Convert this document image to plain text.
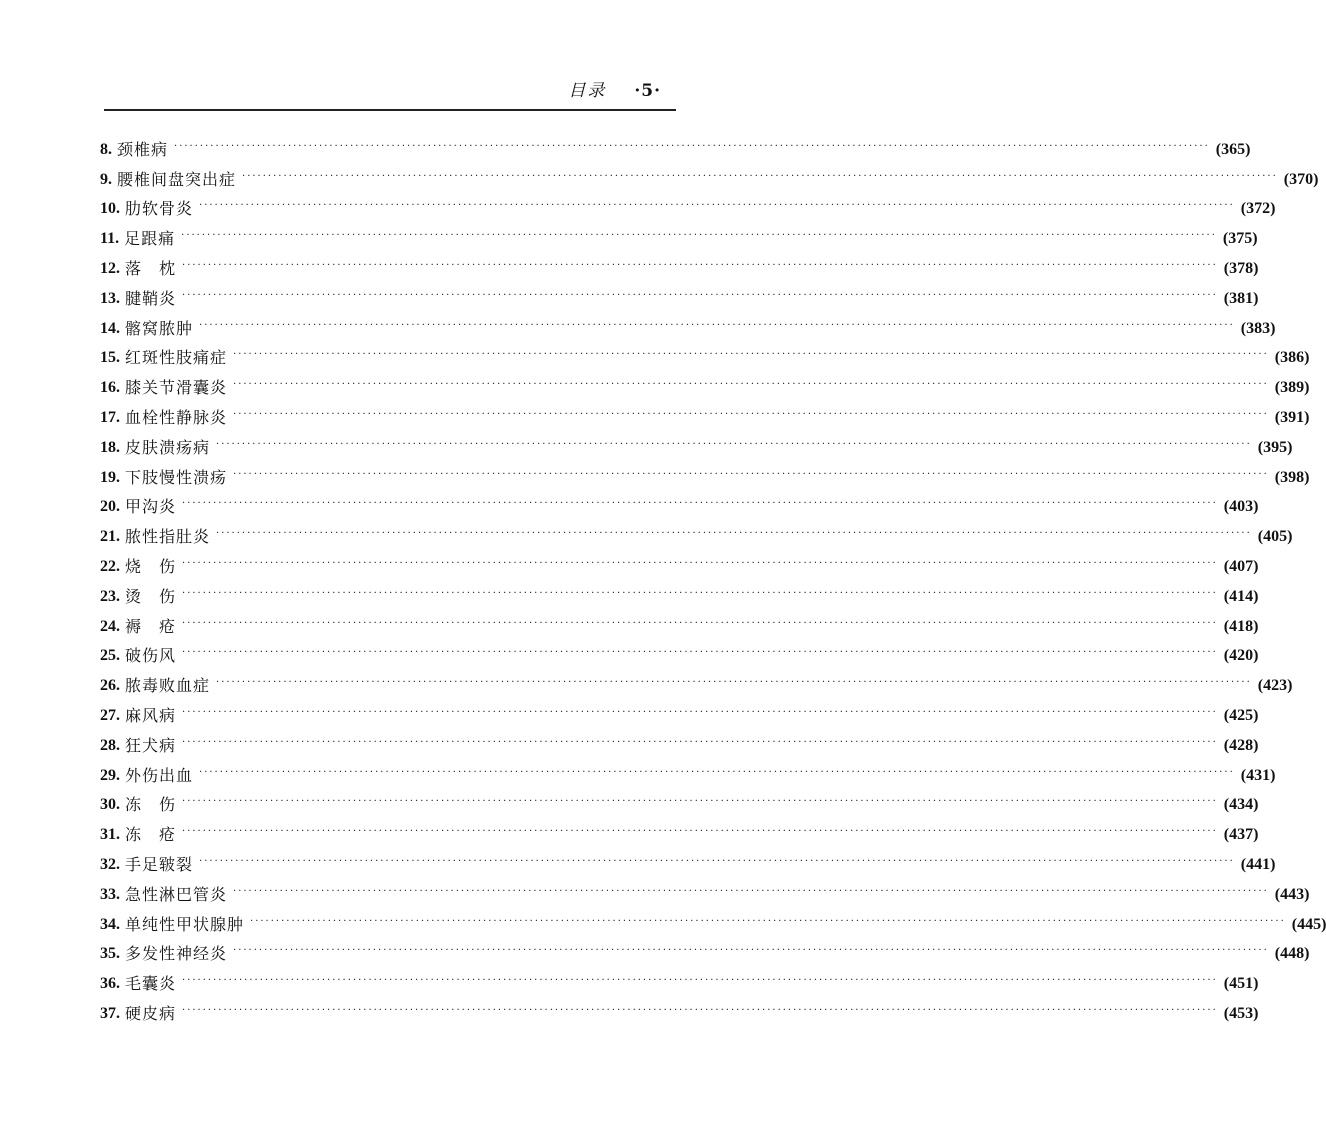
目录 ·5·
8. 颈椎病 ········································································································································································································ (365)
9. 腰椎间盘突出症 ········································································································································································································ (370)
10. 肋软骨炎 ········································································································································································································ (372)
11. 足跟痛 ········································································································································································································ (375)
12. 落　枕 ········································································································································································································ (378)
13. 腱鞘炎 ········································································································································································································ (381)
14. 髂窝脓肿 ········································································································································································································ (383)
15. 红斑性肢痛症 ········································································································································································································ (386)
16. 膝关节滑囊炎 ········································································································································································································ (389)
17. 血栓性静脉炎 ········································································································································································································ (391)
18. 皮肤溃疡病 ········································································································································································································ (395)
19. 下肢慢性溃疡 ········································································································································································································ (398)
20. 甲沟炎 ········································································································································································································ (403)
21. 脓性指肚炎 ········································································································································································································ (405)
22. 烧　伤 ········································································································································································································ (407)
23. 烫　伤 ········································································································································································································ (414)
24. 褥　疮 ········································································································································································································ (418)
25. 破伤风 ········································································································································································································ (420)
26. 脓毒败血症 ········································································································································································································ (423)
27. 麻风病 ········································································································································································································ (425)
28. 狂犬病 ········································································································································································································ (428)
29. 外伤出血 ········································································································································································································ (431)
30. 冻　伤 ········································································································································································································ (434)
31. 冻　疮 ········································································································································································································ (437)
32. 手足皲裂 ········································································································································································································ (441)
33. 急性淋巴管炎 ········································································································································································································ (443)
34. 单纯性甲状腺肿 ········································································································································································································ (445)
35. 多发性神经炎 ········································································································································································································ (448)
36. 毛囊炎 ········································································································································································································ (451)
37. 硬皮病 ········································································································································································································ (453)
